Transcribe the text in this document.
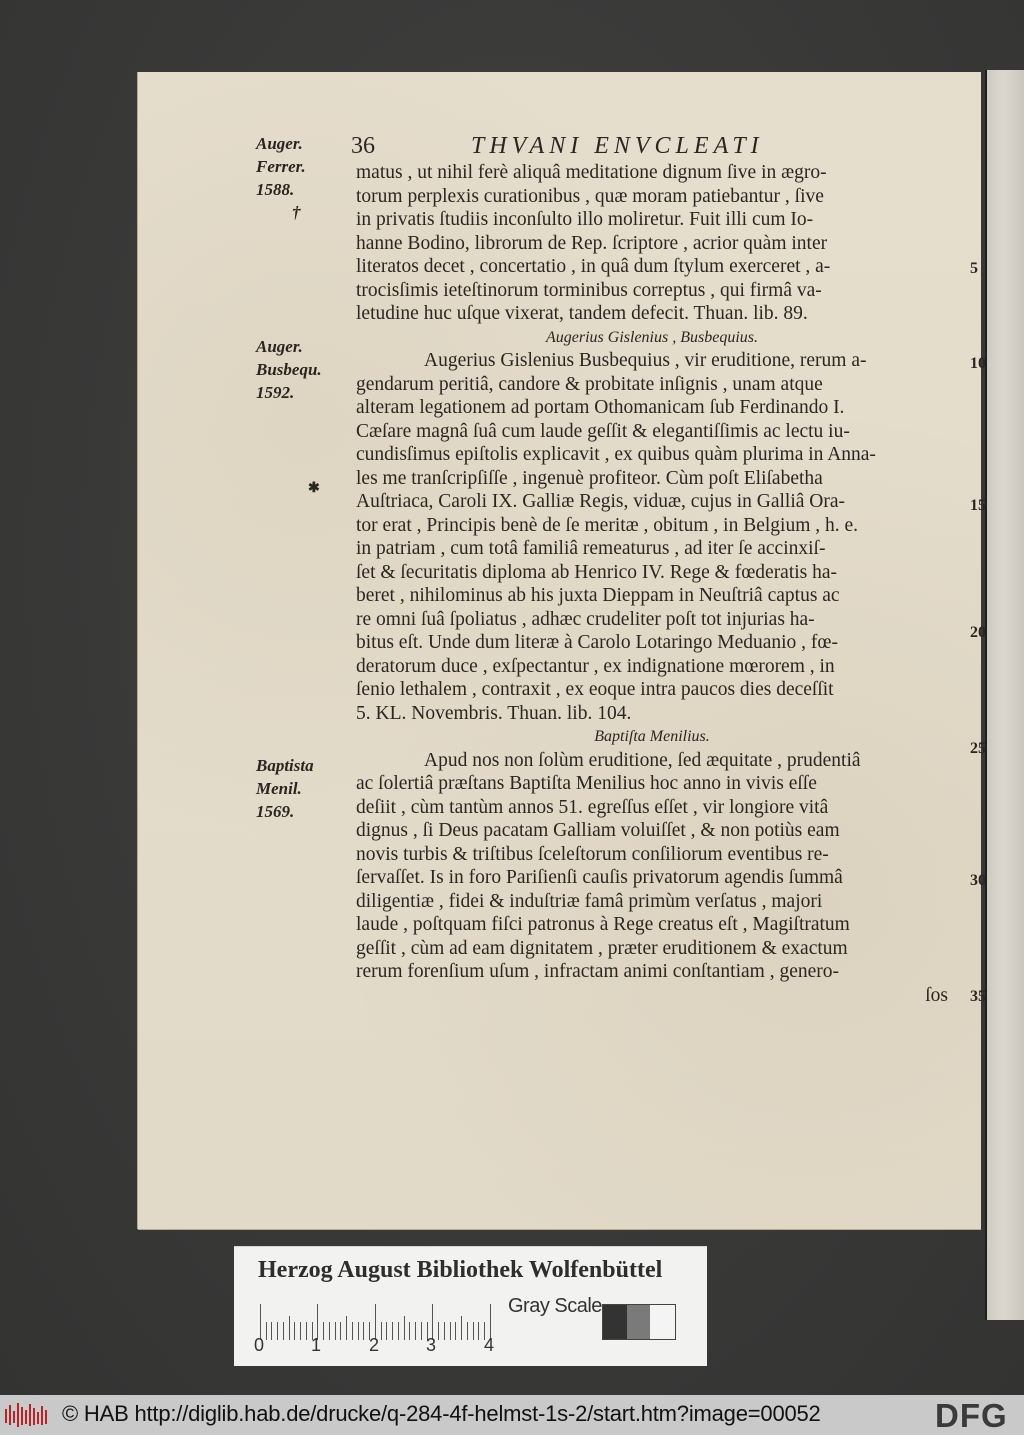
36	THVANI ENVCLEATI
Auger.
Ferrer.
1588.
†
Auger.
Busbequ.
1592.
✱
Baptista
Menil.
1569.
5
10
15
20
25
30
35
matus , ut nihil ferè aliquâ meditatione dignum ſive in ægro-
torum perplexis curationibus , quæ moram patiebantur , ſive
in privatis ſtudiis inconſulto illo moliretur. Fuit illi cum Io-
hanne Bodino, librorum de Rep. ſcriptore , acrior quàm inter
literatos decet , concertatio , in quâ dum ſtylum exerceret , a-
trocisſimis ieteſtinorum torminibus correptus , qui firmâ va-
letudine huc uſque vixerat, tandem defecit. Thuan. lib. 89.
Augerius Gislenius , Busbequius.
Augerius Gislenius Busbequius , vir eruditione, rerum a-
gendarum peritiâ, candore & probitate inſignis , unam atque
alteram legationem ad portam Othomanicam ſub Ferdinando I.
Cæſare magnâ ſuâ cum laude geſſit & elegantiſſimis ac lectu iu-
cundisſimus epiſtolis explicavit , ex quibus quàm plurima in Anna-
les me tranſcripſiſſe , ingenuè profiteor. Cùm poſt Eliſabetha
Auſtriaca, Caroli IX. Galliæ Regis, viduæ, cujus in Galliâ Ora-
tor erat , Principis benè de ſe meritæ , obitum , in Belgium , h. e.
in patriam , cum totâ familiâ remeaturus , ad iter ſe accinxiſ-
ſet & ſecuritatis diploma ab Henrico IV. Rege & fœderatis ha-
beret , nihilominus ab his juxta Dieppam in Neuſtriâ captus ac
re omni ſuâ ſpoliatus , adhæc crudeliter poſt tot injurias ha-
bitus eſt. Unde dum literæ à Carolo Lotaringo Meduanio , fœ-
deratorum duce , exſpectantur , ex indignatione mœrorem , in
ſenio lethalem , contraxit , ex eoque intra paucos dies deceſſit
5. KL. Novembris. Thuan. lib. 104.
Baptiſta Menilius.
Apud nos non ſolùm eruditione, ſed æquitate , prudentiâ
ac ſolertiâ præſtans Baptiſta Menilius hoc anno in vivis eſſe
deſiit , cùm tantùm annos 51. egreſſus eſſet , vir longiore vitâ
dignus , ſi Deus pacatam Galliam voluiſſet , & non potiùs eam
novis turbis & triſtibus ſceleſtorum conſiliorum eventibus re-
ſervaſſet. Is in foro Pariſienſi cauſis privatorum agendis ſummâ
diligentiæ , fidei & induſtriæ famâ primùm verſatus , majori
laude , poſtquam fiſci patronus à Rege creatus eſt , Magiſtratum
geſſit , cùm ad eam dignitatem , præter eruditionem & exactum
rerum forenſium uſum , infractam animi conſtantiam , genero-
ſos
Herzog August Bibliothek Wolfenbüttel
0	1	2	3	4
Gray Scale
© HAB http://diglib.hab.de/drucke/q-284-4f-helmst-1s-2/start.htm?image=00052	DFG
